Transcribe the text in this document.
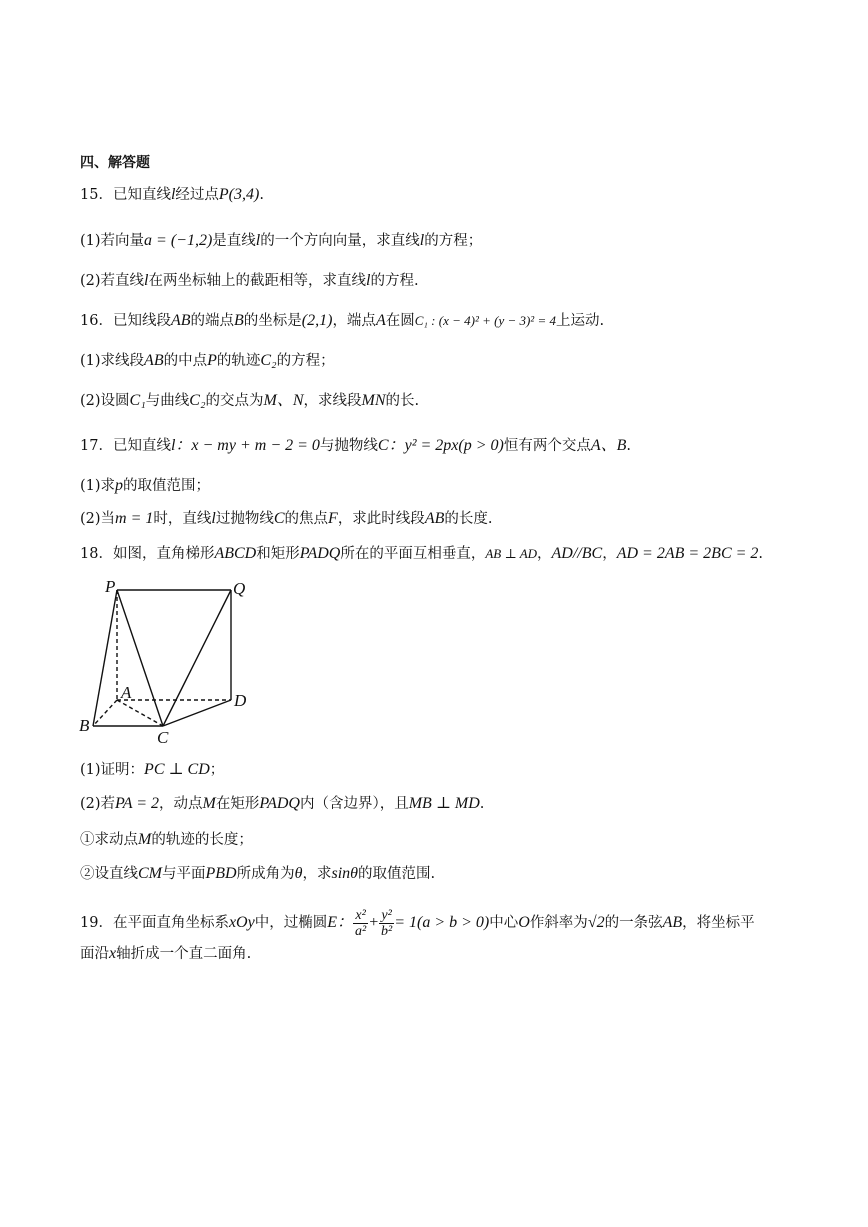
四、解答题
15．已知直线l经过点P(3,4).
(1)若向量a = (−1,2)是直线l的一个方向向量，求直线l的方程；
(2)若直线l在两坐标轴上的截距相等，求直线l的方程.
16．已知线段AB的端点B的坐标是(2,1)，端点A在圆C₁ : (x − 4)² + (y − 3)² = 4上运动.
(1)求线段AB的中点P的轨迹C₂的方程；
(2)设圆C₁与曲线C₂的交点为M、N，求线段MN的长.
17．已知直线l：x − my + m − 2 = 0与抛物线C：y² = 2px(p > 0)恒有两个交点A、B.
(1)求p的取值范围；
(2)当m = 1时，直线l过抛物线C的焦点F，求此时线段AB的长度.
18．如图，直角梯形ABCD和矩形PADQ所在的平面互相垂直，AB ⊥ AD，AD//BC，AD = 2AB = 2BC = 2.
P	Q
A	D
B
C
(1)证明：PC ⊥ CD；
(2)若PA = 2，动点M在矩形PADQ内（含边界），且MB ⊥ MD.
①求动点M的轨迹的长度；
②设直线CM与平面PBD所成角为θ，求sinθ的取值范围.
19．在平面直角坐标系xOy中，过椭圆E： $\frac{\text{x²}}{\text{a²}} + \frac{\text{y²}}{\text{b²}} = 1(a > b > 0)$中心O作斜率为√2的一条弦AB，将坐标平
面沿x轴折成一个直二面角.
